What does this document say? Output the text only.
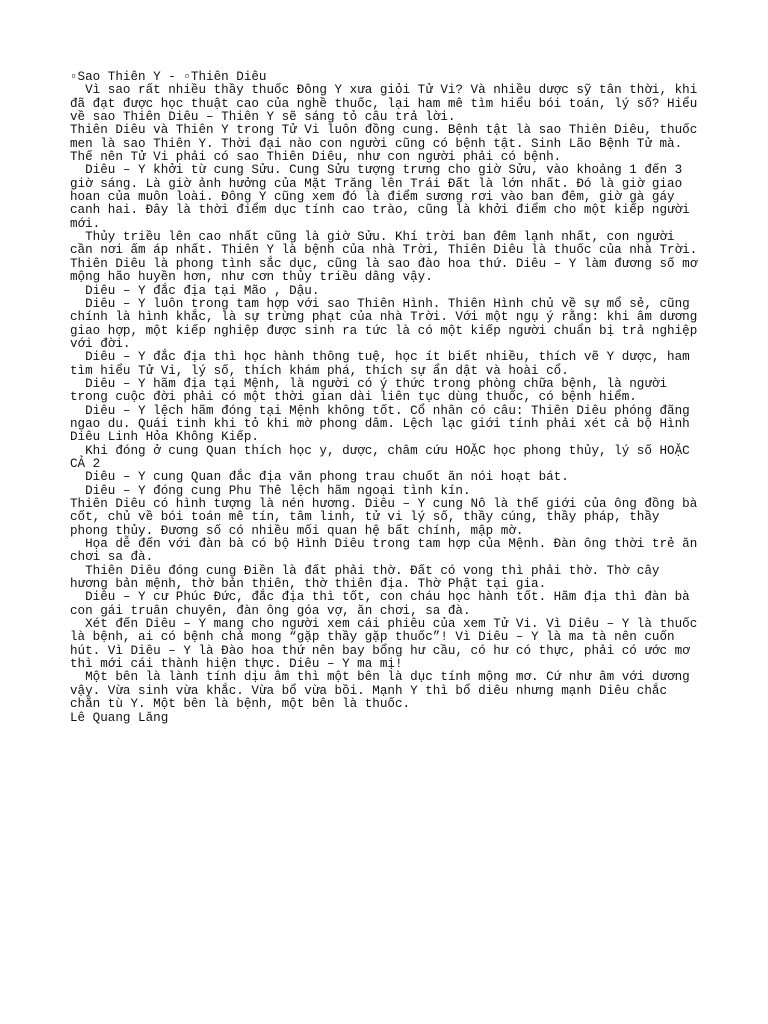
▫Sao Thiên Y - ▫Thiên Diêu
Vì sao rất nhiều thầy thuốc Đông Y xưa giỏi Tử Vi? Và nhiều dược sỹ tân thời, khi
đã đạt được học thuật cao của nghề thuốc, lại ham mê tìm hiểu bói toán, lý số? Hiểu
về sao Thiên Diêu – Thiên Y sẽ sáng tỏ câu trả lời.
Thiên Diêu và Thiên Y trong Tử Vi luôn đồng cung. Bệnh tật là sao Thiên Diêu, thuốc
men là sao Thiên Y. Thời đại nào con người cũng có bệnh tật. Sinh Lão Bệnh Tử mà.
Thế nên Tử Vi phải có sao Thiên Diêu, như con người phải có bệnh.
Diêu – Y khởi từ cung Sửu. Cung Sửu tượng trưng cho giờ Sửu, vào khoảng 1 đến 3
giờ sáng. Là giờ ảnh hưởng của Mặt Trăng lên Trái Đất là lớn nhất. Đó là giờ giao
hoan của muôn loài. Đông Y cũng xem đó là điểm sương rơi vào ban đêm, giờ gà gáy
canh hai. Đây là thời điểm dục tính cao trào, cũng là khởi điểm cho một kiếp người
mới.
Thủy triều lên cao nhất cũng là giờ Sửu. Khí trời ban đêm lạnh nhất, con người
cần nơi ấm áp nhất. Thiên Y là bệnh của nhà Trời, Thiên Diêu là thuốc của nhà Trời.
Thiên Diêu là phong tình sắc dục, cũng là sao đào hoa thứ. Diêu – Y làm đương số mơ
mộng hão huyền hơn, như cơn thủy triều dâng vậy.
Diêu – Y đắc địa tại Mão , Dậu.
Diêu – Y luôn trong tam hợp với sao Thiên Hình. Thiên Hình chủ về sự mổ sẻ, cũng
chính là hình khắc, là sự trừng phạt của nhà Trời. Với một ngụ ý rằng: khi âm dương
giao hợp, một kiếp nghiệp được sinh ra tức là có một kiếp người chuẩn bị trả nghiệp
với đời.
Diêu – Y đắc địa thì học hành thông tuệ, học ít biết nhiều, thích vẽ Y dược, ham
tìm hiểu Tử Vi, lý số, thích khám phá, thích sự ẩn dật và hoài cổ.
Diêu – Y hãm địa tại Mệnh, là người có ý thức trong phòng chữa bệnh, là người
trong cuộc đời phải có một thời gian dài liên tục dùng thuốc, có bệnh hiểm.
Diêu – Y lệch hãm đóng tại Mệnh không tốt. Cổ nhân có câu: Thiên Diêu phóng đãng
ngao du. Quái tinh khi tỏ khi mờ phong dâm. Lệch lạc giới tính phải xét cả bộ Hình
Diêu Linh Hỏa Không Kiếp.
Khi đóng ở cung Quan thích học y, dược, châm cứu HOẶC học phong thủy, lý số HOẶC
CẢ 2
Diêu – Y cung Quan đắc địa văn phong trau chuốt ăn nói hoạt bát.
Diêu – Y đóng cung Phu Thê lệch hãm ngoại tình kín.
Thiên Diêu có hình tượng là nén hương. Diêu – Y cung Nô là thế giới của ông đồng bà
cốt, chủ về bói toán mê tín, tâm linh, tử vi lý số, thầy cúng, thầy pháp, thầy
phong thủy. Đương số có nhiều mối quan hệ bất chính, mập mờ.
Họa dễ đến với đàn bà có bộ Hình Diêu trong tam hợp của Mệnh. Đàn ông thời trẻ ăn
chơi sa đà.
Thiên Diêu đóng cung Điền là đất phải thờ. Đất có vong thì phải thờ. Thờ cây
hương bản mệnh, thờ bản thiên, thờ thiên địa. Thờ Phật tại gia.
Diêu – Y cư Phúc Đức, đắc địa thì tốt, con cháu học hành tốt. Hãm địa thì đàn bà
con gái truân chuyên, đàn ông góa vợ, ăn chơi, sa đà.
Xét đến Diêu – Y mang cho người xem cái phiêu của xem Tử Vi. Vì Diêu – Y là thuốc
là bệnh, ai có bệnh chả mong “gặp thầy gặp thuốc”! Vì Diêu – Y là ma tà nên cuốn
hút. Vì Diêu – Y là Đào hoa thứ nên bay bổng hư cầu, có hư có thực, phải có ước mơ
thì mới cái thành hiện thực. Diêu – Y ma mị!
Một bên là lành tính dịu âm thì một bên là dục tính mộng mơ. Cứ như âm với dương
vậy. Vừa sinh vừa khắc. Vừa bổ vừa bồi. Mạnh Y thì bổ diêu nhưng mạnh Diêu chắc
chắn tù Y. Một bên là bệnh, một bên là thuốc.
Lê Quang Lăng
